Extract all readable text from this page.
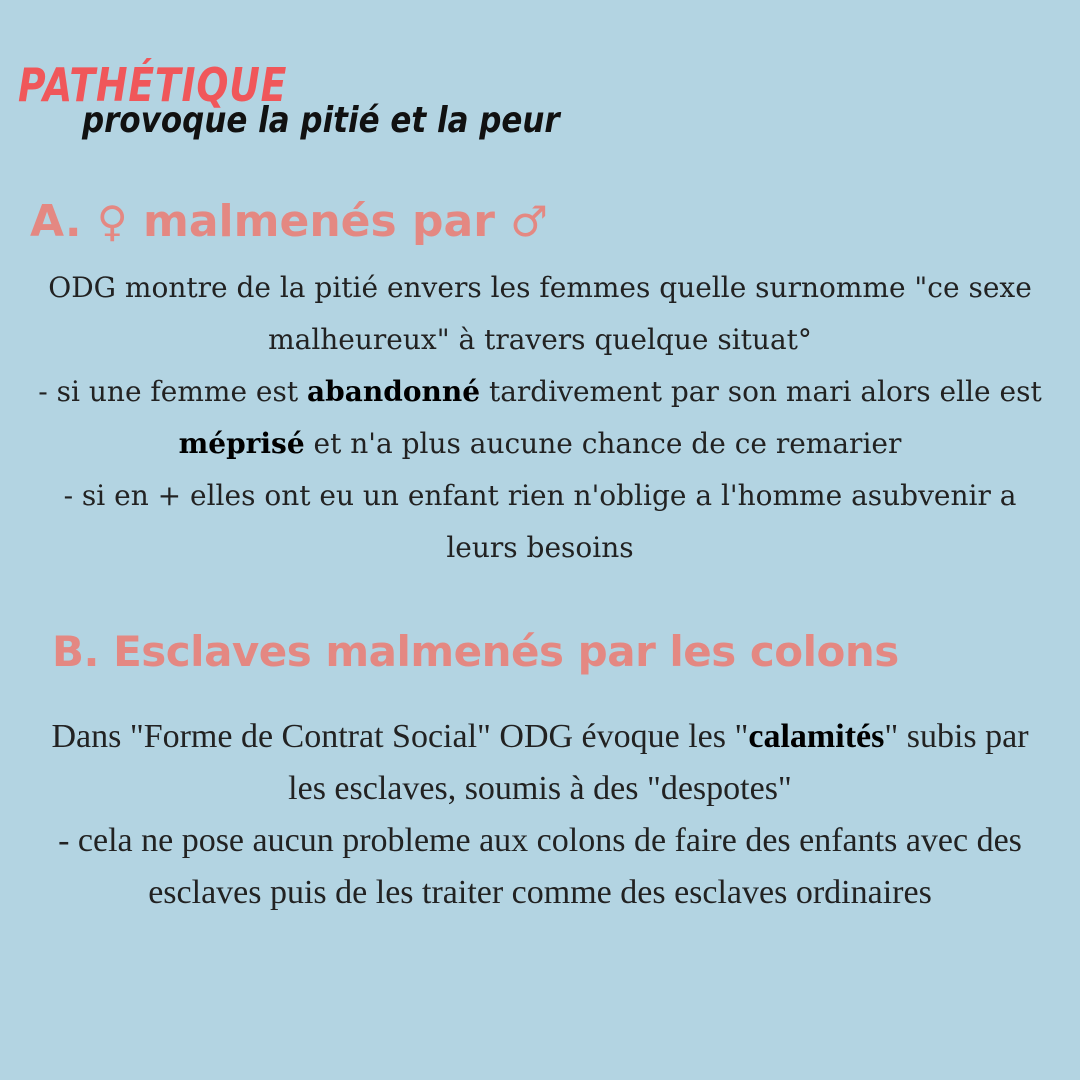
PATHÉTIQUE
provoque la pitié et la peur
A. ♀ malmenés par ♂
ODG montre de la pitié envers les femmes quelle surnomme "ce sexe
malheureux" à travers quelque situat°
- si une femme est abandonné tardivement par son mari alors elle est
méprisé et n'a plus aucune chance de ce remarier
- si en + elles ont eu un enfant rien n'oblige a l'homme asubvenir a
leurs besoins
B. Esclaves malmenés par les colons
Dans "Forme de Contrat Social" ODG évoque les "calamités" subis par
les esclaves, soumis à des "despotes"
- cela ne pose aucun probleme aux colons de faire des enfants avec des
esclaves puis de les traiter comme des esclaves ordinaires
